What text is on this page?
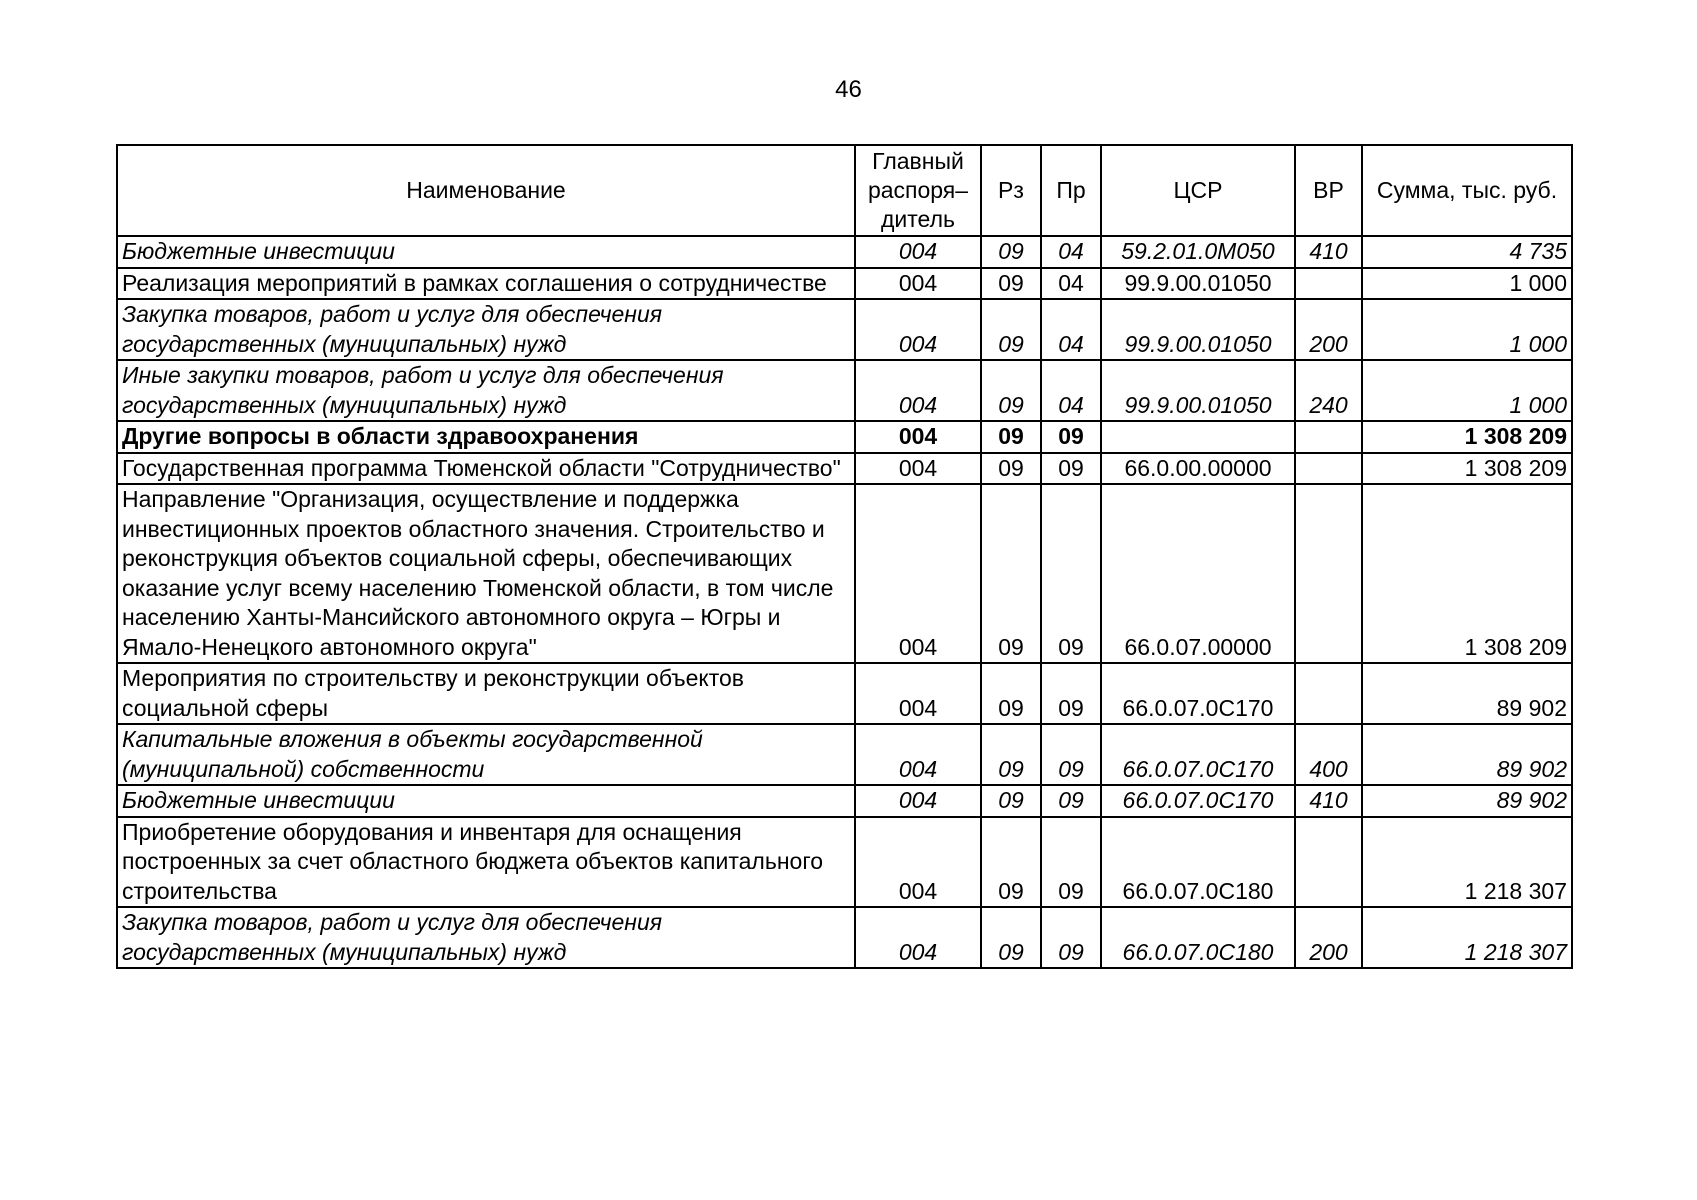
46
Наименование	Главный распоря–дитель	Рз	Пр	ЦСР	ВР	Сумма, тыс. руб.
Бюджетные инвестиции	004	09	04	59.2.01.0М050	410	4 735
Реализация мероприятий в рамках соглашения о сотрудничестве	004	09	04	99.9.00.01050		1 000
Закупка товаров, работ и услуг для обеспечения государственных (муниципальных) нужд	004	09	04	99.9.00.01050	200	1 000
Иные закупки товаров, работ и услуг для обеспечения государственных (муниципальных) нужд	004	09	04	99.9.00.01050	240	1 000
Другие вопросы в области здравоохранения	004	09	09			1 308 209
Государственная программа Тюменской области "Сотрудничество"	004	09	09	66.0.00.00000		1 308 209
Направление "Организация, осуществление и поддержка инвестиционных проектов областного значения. Строительство и реконструкция объектов социальной сферы, обеспечивающих оказание услуг всему населению Тюменской области, в том числе населению Ханты-Мансийского автономного округа – Югры и Ямало-Ненецкого автономного округа"	004	09	09	66.0.07.00000		1 308 209
Мероприятия по строительству и реконструкции объектов социальной сферы	004	09	09	66.0.07.0С170		89 902
Капитальные вложения в объекты государственной (муниципальной) собственности	004	09	09	66.0.07.0С170	400	89 902
Бюджетные инвестиции	004	09	09	66.0.07.0С170	410	89 902
Приобретение оборудования и инвентаря для оснащения построенных за счет областного бюджета объектов капитального строительства	004	09	09	66.0.07.0С180		1 218 307
Закупка товаров, работ и услуг для обеспечения государственных (муниципальных) нужд	004	09	09	66.0.07.0С180	200	1 218 307
